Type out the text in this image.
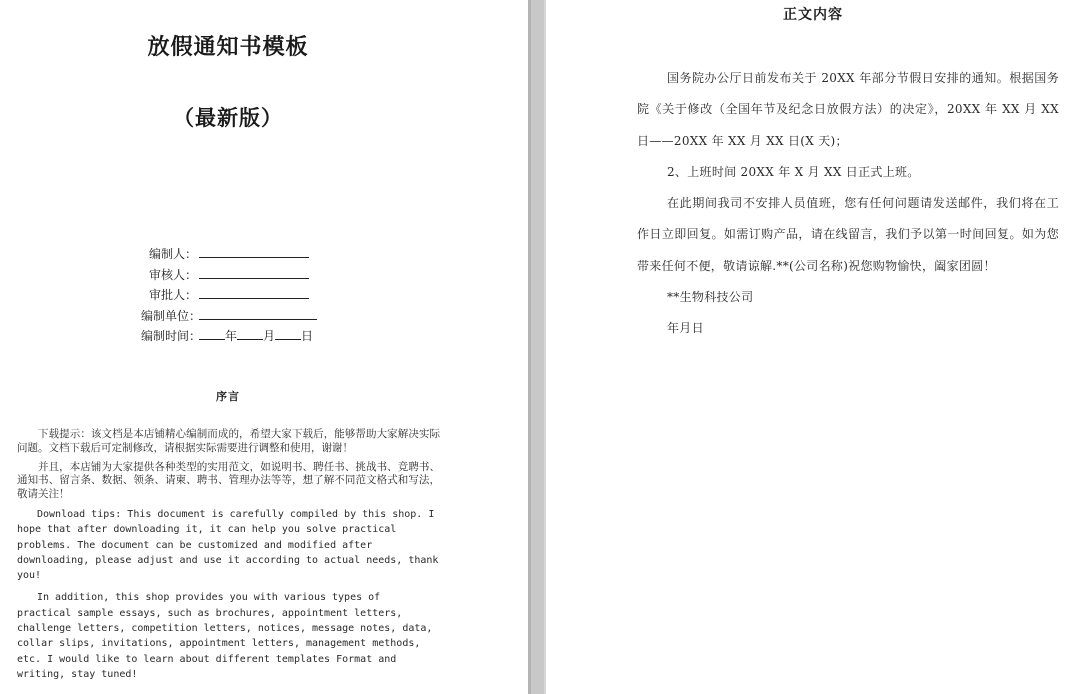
放假通知书模板
（最新版）
编制人：
审核人：
审批人：
编制单位：
编制时间： 年 月 日
序言

下载提示：该文档是本店铺精心编制而成的，希望大家下载后，能够帮助大家解决实际问题。文档下载后可定制修改，请根据实际需要进行调整和使用，谢谢！

并且，本店铺为大家提供各种类型的实用范文，如说明书、聘任书、挑战书、竞聘书、通知书、留言条、数据、领条、请柬、聘书、管理办法等等，想了解不同范文格式和写法，敬请关注！

Download tips: This document is carefully compiled by this shop. I hope that after downloading it, it can help you solve practical problems. The document can be customized and modified after downloading, please adjust and use it according to actual needs, thank you!

In addition, this shop provides you with various types of practical sample essays, such as brochures, appointment letters, challenge letters, competition letters, notices, message notes, data, collar slips, invitations, appointment letters, management methods, etc. I would like to learn about different templates Format and writing, stay tuned!

正文内容

国务院办公厅日前发布关于 20XX 年部分节假日安排的通知。根据国务院《关于修改（全国年节及纪念日放假方法）的决定》，20XX 年 XX 月 XX 日——20XX 年 XX 月 XX 日(X 天)；

2、上班时间 20XX 年 X 月 XX 日正式上班。

在此期间我司不安排人员值班，您有任何问题请发送邮件，我们将在工作日立即回复。如需订购产品，请在线留言，我们予以第一时间回复。如为您带来任何不便，敬请谅解.**(公司名称)祝您购物愉快，阖家团圆！

**生物科技公司

年月日
